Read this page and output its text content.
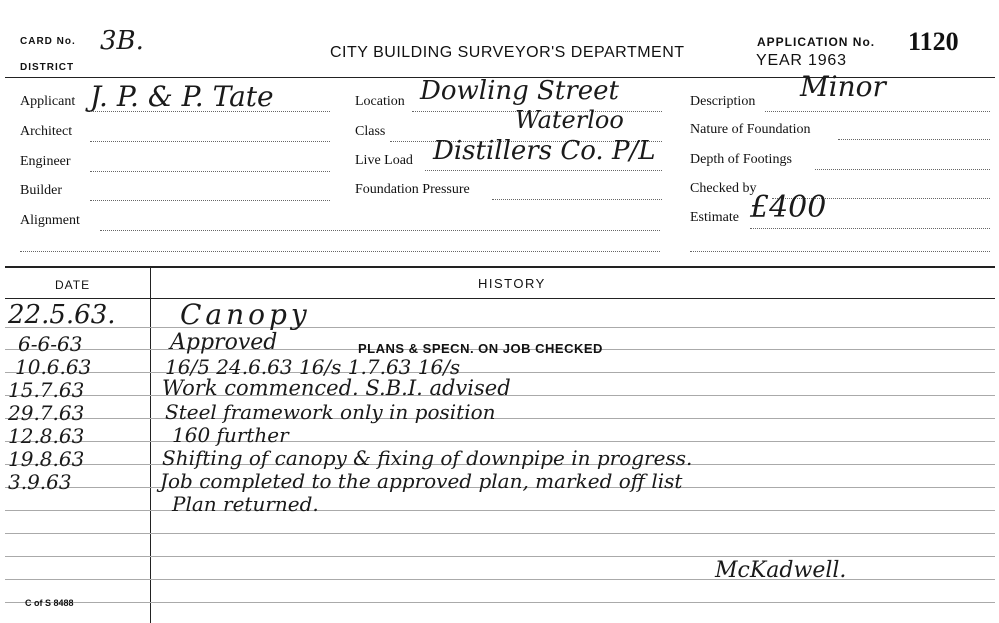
CARD No. 3B.
DISTRICT
CITY BUILDING SURVEYOR'S DEPARTMENT
APPLICATION No. 1120
YEAR 1963
Applicant J. P. & P. Tate
Architect
Engineer
Builder
Alignment
Location Dowling Street
Class	Waterloo
Live Load Distillers Co. P/L
Foundation Pressure
Description Minor
Nature of Foundation
Depth of Footings
Checked by
Estimate £400
DATE	HISTORY
22.5.63. Canopy
6-6-63	Approved	PLANS & SPECN. ON JOB CHECKED
10.6.63	16/5 24.6.63 16/s 1.7.63 16/s
15.7.63	Work commenced. S.B.I. advised
29.7.63	Steel framework only in position
12.8.63	160 further
19.8.63	Shifting of canopy & fixing of downpipe in progress.
3.9.63	Job completed to the approved plan, marked off list
Plan returned.
McKadwell.
C of S 8488
